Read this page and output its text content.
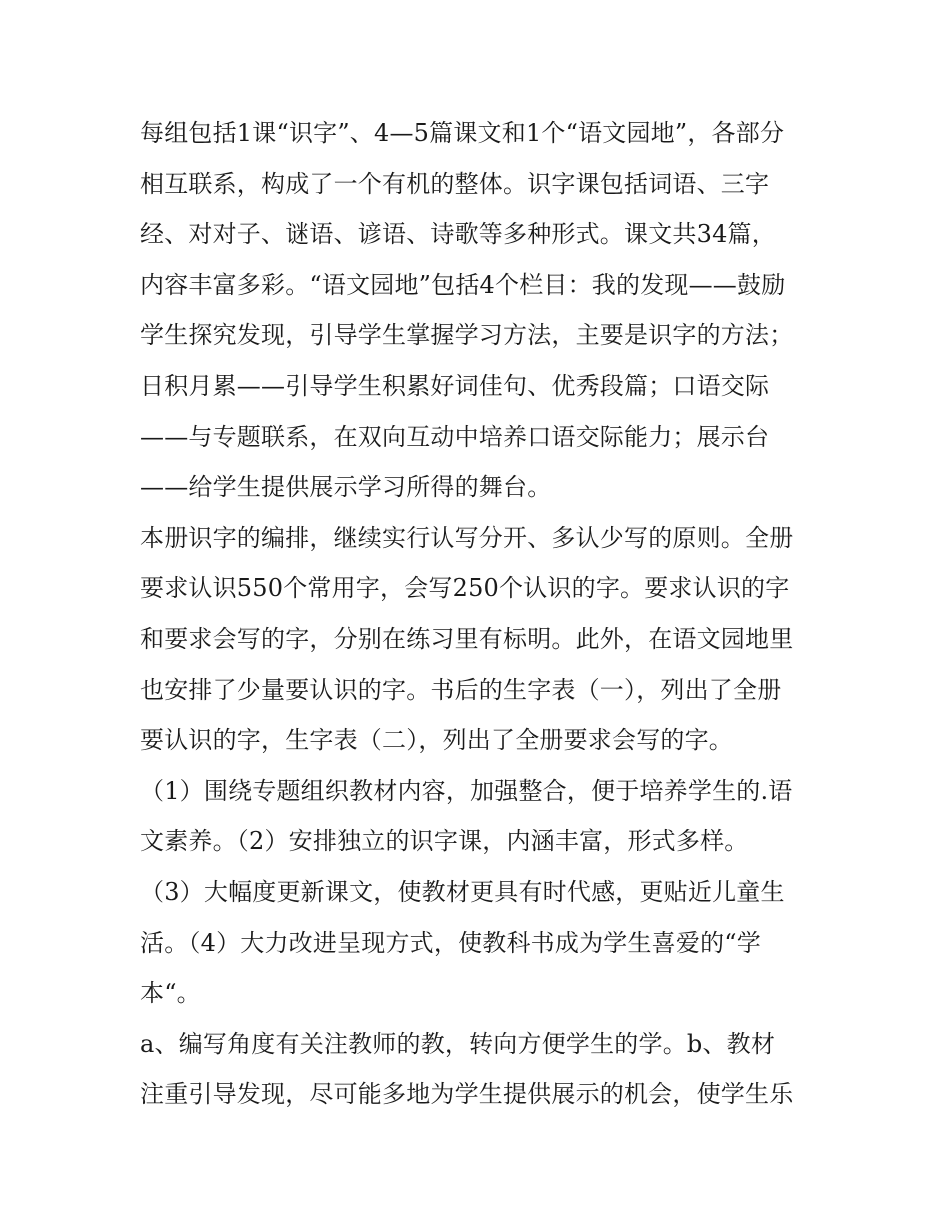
每组包括1课“识字”、4—5篇课文和1个“语文园地”，各部分
相互联系，构成了一个有机的整体。识字课包括词语、三字
经、对对子、谜语、谚语、诗歌等多种形式。课文共34篇，
内容丰富多彩。“语文园地”包括4个栏目：我的发现——鼓励
学生探究发现，引导学生掌握学习方法，主要是识字的方法；
日积月累——引导学生积累好词佳句、优秀段篇；口语交际
——与专题联系，在双向互动中培养口语交际能力；展示台
——给学生提供展示学习所得的舞台。
本册识字的编排，继续实行认写分开、多认少写的原则。全册
要求认识550个常用字，会写250个认识的字。要求认识的字
和要求会写的字，分别在练习里有标明。此外，在语文园地里
也安排了少量要认识的字。书后的生字表（一），列出了全册
要认识的字，生字表（二），列出了全册要求会写的字。
（1）围绕专题组织教材内容，加强整合，便于培养学生的.语
文素养。（2）安排独立的识字课，内涵丰富，形式多样。
（3）大幅度更新课文，使教材更具有时代感，更贴近儿童生
活。（4）大力改进呈现方式，使教科书成为学生喜爱的“学
本“。
a、编写角度有关注教师的教，转向方便学生的学。b、教材
注重引导发现，尽可能多地为学生提供展示的机会，使学生乐
